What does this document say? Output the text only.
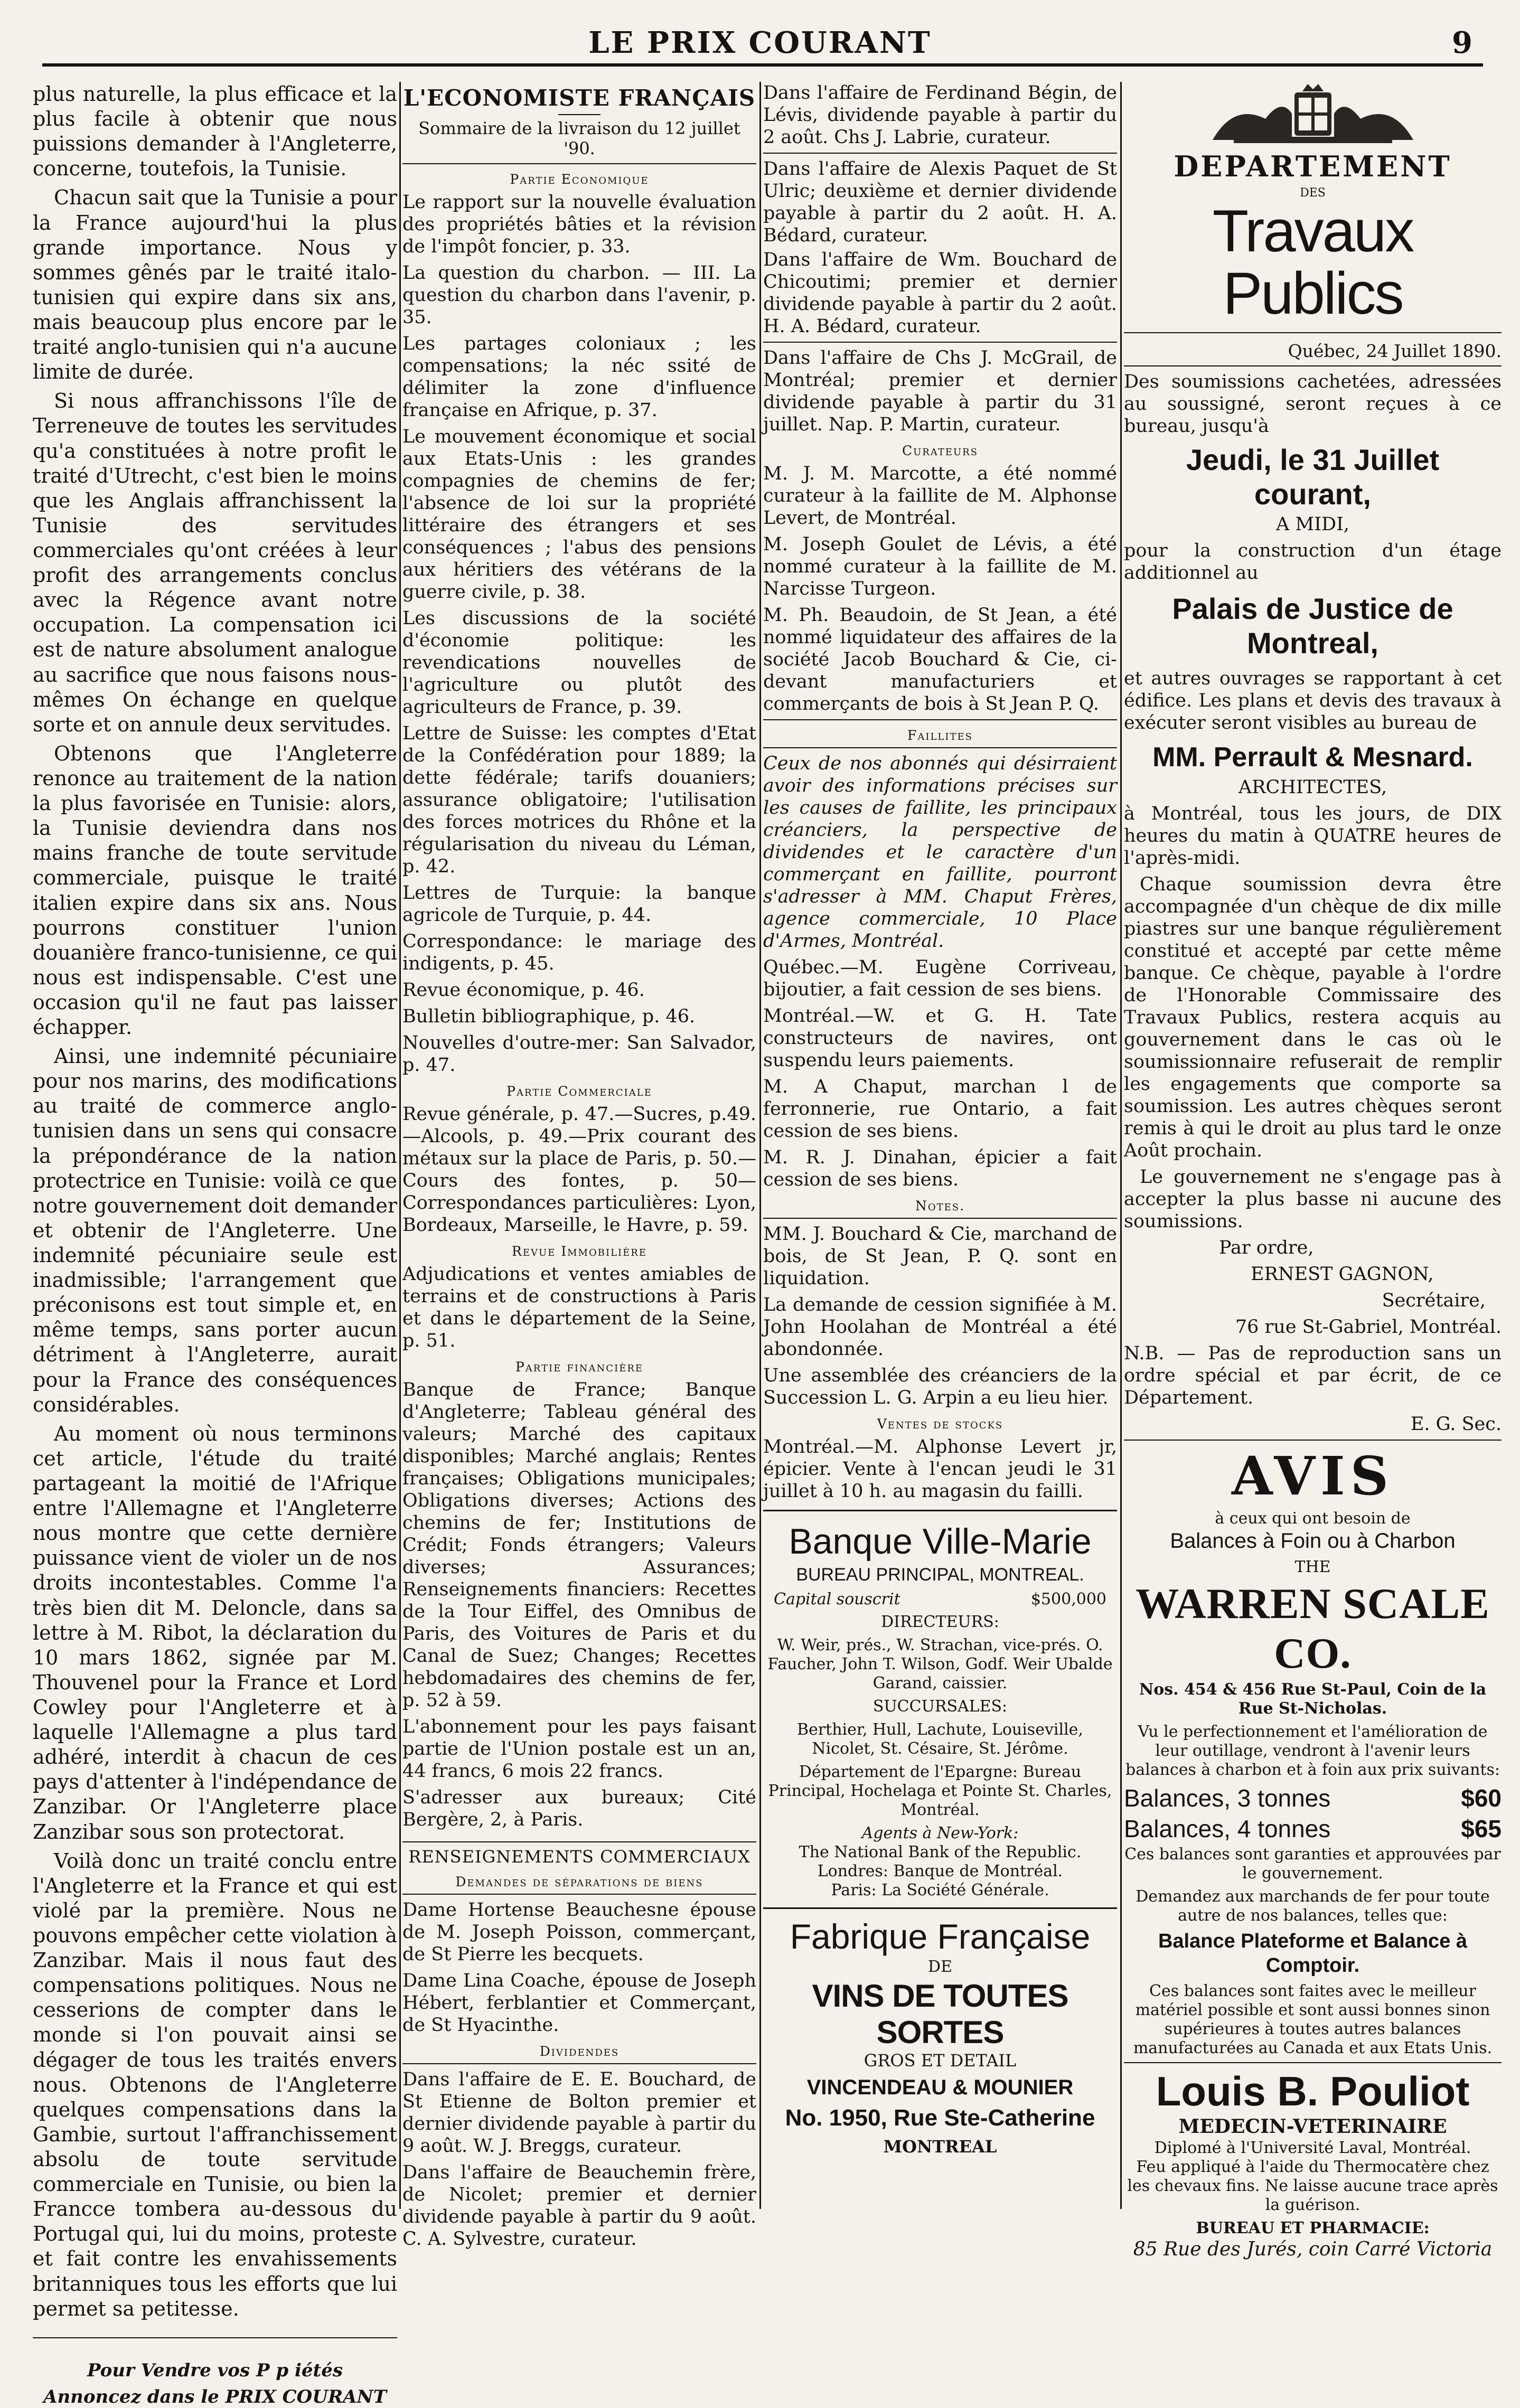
LE PRIX COURANT	9

plus naturelle, la plus efficace et la plus facile à obtenir que nous puissions demander à l'Angleterre, concerne, toutefois, la Tunisie.

Chacun sait que la Tunisie a pour la France aujourd'hui la plus grande importance. Nous y sommes gênés par le traité italo-tunisien qui expire dans six ans, mais beaucoup plus encore par le traité anglo-tunisien qui n'a aucune limite de durée.

Si nous affranchissons l'île de Terreneuve de toutes les servitudes qu'a constituées à notre profit le traité d'Utrecht, c'est bien le moins que les Anglais affranchissent la Tunisie des servitudes commerciales qu'ont créées à leur profit des arrangements conclus avec la Régence avant notre occupation. La compensation ici est de nature absolument analogue au sacrifice que nous faisons nous-mêmes On échange en quelque sorte et on annule deux servitudes.

Obtenons que l'Angleterre renonce au traitement de la nation la plus favorisée en Tunisie: alors, la Tunisie deviendra dans nos mains franche de toute servitude commerciale, puisque le traité italien expire dans six ans. Nous pourrons constituer l'union douanière franco-tunisienne, ce qui nous est indispensable. C'est une occasion qu'il ne faut pas laisser échapper.

Ainsi, une indemnité pécuniaire pour nos marins, des modifications au traité de commerce anglo-tunisien dans un sens qui consacre la prépondérance de la nation protectrice en Tunisie: voilà ce que notre gouvernement doit demander et obtenir de l'Angleterre. Une indemnité pécuniaire seule est inadmissible; l'arrangement que préconisons est tout simple et, en même temps, sans porter aucun détriment à l'Angleterre, aurait pour la France des conséquences considérables.

Au moment où nous terminons cet article, l'étude du traité partageant la moitié de l'Afrique entre l'Allemagne et l'Angleterre nous montre que cette dernière puissance vient de violer un de nos droits incontestables. Comme l'a très bien dit M. Deloncle, dans sa lettre à M. Ribot, la déclaration du 10 mars 1862, signée par M. Thouvenel pour la France et Lord Cowley pour l'Angleterre et à laquelle l'Allemagne a plus tard adhéré, interdit à chacun de ces pays d'attenter à l'indépendance de Zanzibar. Or l'Angleterre place Zanzibar sous son protectorat.

Voilà donc un traité conclu entre l'Angleterre et la France et qui est violé par la première. Nous ne pouvons empêcher cette violation à Zanzibar. Mais il nous faut des compensations politiques. Nous ne cesserions de compter dans le monde si l'on pouvait ainsi se dégager de tous les traités envers nous. Obtenons de l'Angleterre quelques compensations dans la Gambie, surtout l'affranchissement absolu de toute servitude commerciale en Tunisie, ou bien la Francce tombera au-dessous du Portugal qui, lui du moins, proteste et fait contre les envahissements britanniques tous les efforts que lui permet sa petitesse.

Pour Vendre vos P p iétés

Annoncez dans le PRIX COURANT

L'ECONOMISTE FRANÇAIS

Sommaire de la livraison du 12 juillet '90.

Partie Economique

Le rapport sur la nouvelle évaluation des propriétés bâties et la révision de l'impôt foncier, p. 33.

La question du charbon. — III. La question du charbon dans l'avenir, p. 35.

Les partages coloniaux ; les compensations; la néc ssité de délimiter la zone d'influence française en Afrique, p. 37.

Le mouvement économique et social aux Etats-Unis : les grandes compagnies de chemins de fer; l'absence de loi sur la propriété littéraire des étrangers et ses conséquences ; l'abus des pensions aux héritiers des vétérans de la guerre civile, p. 38.

Les discussions de la société d'économie politique: les revendications nouvelles de l'agriculture ou plutôt des agriculteurs de France, p. 39.

Lettre de Suisse: les comptes d'Etat de la Confédération pour 1889; la dette fédérale; tarifs douaniers; assurance obligatoire; l'utilisation des forces motrices du Rhône et la régularisation du niveau du Léman, p. 42.

Lettres de Turquie: la banque agricole de Turquie, p. 44.

Correspondance: le mariage des indigents, p. 45.

Revue économique, p. 46.

Bulletin bibliographique, p. 46.

Nouvelles d'outre-mer: San Salvador, p. 47.

Partie Commerciale

Revue générale, p. 47.—Sucres, p.49.—Alcools, p. 49.—Prix courant des métaux sur la place de Paris, p. 50.—Cours des fontes, p. 50—Correspondances particulières: Lyon, Bordeaux, Marseille, le Havre, p. 59.

Revue Immobilière

Adjudications et ventes amiables de terrains et de constructions à Paris et dans le département de la Seine, p. 51.

Partie financière

Banque de France; Banque d'Angleterre; Tableau général des valeurs; Marché des capitaux disponibles; Marché anglais; Rentes françaises; Obligations municipales; Obligations diverses; Actions des chemins de fer; Institutions de Crédit; Fonds étrangers; Valeurs diverses; Assurances; Renseignements financiers: Recettes de la Tour Eiffel, des Omnibus de Paris, des Voitures de Paris et du Canal de Suez; Changes; Recettes hebdomadaires des chemins de fer, p. 52 à 59.

L'abonnement pour les pays faisant partie de l'Union postale est un an, 44 francs, 6 mois 22 francs.

S'adresser aux bureaux; Cité Bergère, 2, à Paris.

RENSEIGNEMENTS COMMERCIAUX
Demandes de séparations de biens

Dame Hortense Beauchesne épouse de M. Joseph Poisson, commerçant, de St Pierre les becquets.

Dame Lina Coache, épouse de Joseph Hébert, ferblantier et Commerçant, de St Hyacinthe.

Dividendes

Dans l'affaire de E. E. Bouchard, de St Etienne de Bolton premier et dernier dividende payable à partir du 9 août. W. J. Breggs, curateur.

Dans l'affaire de Beauchemin frère, de Nicolet; premier et dernier dividende payable à partir du 9 août. C. A. Sylvestre, curateur.

Dans l'affaire de Ferdinand Bégin, de Lévis, dividende payable à partir du 2 août. Chs J. Labrie, curateur.

Dans l'affaire de Alexis Paquet de St Ulric; deuxième et dernier dividende payable à partir du 2 août. H. A. Bédard, curateur.

Dans l'affaire de Wm. Bouchard de Chicoutimi; premier et dernier dividende payable à partir du 2 août. H. A. Bédard, curateur.

Dans l'affaire de Chs J. McGrail, de Montréal; premier et dernier dividende payable à partir du 31 juillet. Nap. P. Martin, curateur.

Curateurs

M. J. M. Marcotte, a été nommé curateur à la faillite de M. Alphonse Levert, de Montréal.

M. Joseph Goulet de Lévis, a été nommé curateur à la faillite de M. Narcisse Turgeon.

M. Ph. Beaudoin, de St Jean, a été nommé liquidateur des affaires de la société Jacob Bouchard & Cie, ci-devant manufacturiers et commerçants de bois à St Jean P. Q.

Faillites

Ceux de nos abonnés qui désirraient avoir des informations précises sur les causes de faillite, les principaux créanciers, la perspective de dividendes et le caractère d'un commerçant en faillite, pourront s'adresser à MM. Chaput Frères, agence commerciale, 10 Place d'Armes, Montréal.

Québec.—M. Eugène Corriveau, bijoutier, a fait cession de ses biens.

Montréal.—W. et G. H. Tate constructeurs de navires, ont suspendu leurs paiements.

M. A Chaput, marchan l de ferronnerie, rue Ontario, a fait cession de ses biens.

M. R. J. Dinahan, épicier a fait cession de ses biens.

Notes.

MM. J. Bouchard & Cie, marchand de bois, de St Jean, P. Q. sont en liquidation.

La demande de cession signifiée à M. John Hoolahan de Montréal a été abondonnée.

Une assemblée des créanciers de la Succession L. G. Arpin a eu lieu hier.

Ventes de stocks

Montréal.—M. Alphonse Levert jr, épicier. Vente à l'encan jeudi le 31 juillet à 10 h. au magasin du failli.

Banque Ville-Marie

BUREAU PRINCIPAL, MONTREAL.

Capital souscrit	$500,000

DIRECTEURS:

W. Weir, prés., W. Strachan, vice-prés. O. Faucher, John T. Wilson, Godf. Weir Ubalde Garand, caissier.

SUCCURSALES:

Berthier, Hull, Lachute, Louiseville, Nicolet, St. Césaire, St. Jérôme.

Département de l'Epargne: Bureau Principal, Hochelaga et Pointe St. Charles, Montréal.

Agents à New-York:

The National Bank of the Republic.

Londres: Banque de Montréal.

Paris: La Société Générale.

Fabrique Française

DE

VINS DE TOUTES SORTES

GROS ET DETAIL

VINCENDEAU & MOUNIER

No. 1950, Rue Ste-Catherine

MONTREAL

DEPARTEMENT

DES

Travaux Publics

Québec, 24 Juillet 1890.

Des soumissions cachetées, adressées au soussigné, seront reçues à ce bureau, jusqu'à

Jeudi, le 31 Juillet courant,

A MIDI,

pour la construction d'un étage additionnel au

Palais de Justice de Montreal,

et autres ouvrages se rapportant à cet édifice. Les plans et devis des travaux à exécuter seront visibles au bureau de

MM. Perrault & Mesnard.

ARCHITECTES,

à Montréal, tous les jours, de DIX heures du matin à QUATRE heures de l'après-midi.

Chaque soumission devra être accompagnée d'un chèque de dix mille piastres sur une banque régulièrement constitué et accepté par cette même banque. Ce chèque, payable à l'ordre de l'Honorable Commissaire des Travaux Publics, restera acquis au gouvernement dans le cas où le soumissionnaire refuserait de remplir les engagements que comporte sa soumission. Les autres chèques seront remis à qui le droit au plus tard le onze Août prochain.

Le gouvernement ne s'engage pas à accepter la plus basse ni aucune des soumissions.

Par ordre,

ERNEST GAGNON,

Secrétaire,

76 rue St-Gabriel, Montréal.

N.B. — Pas de reproduction sans un ordre spécial et par écrit, de ce Département.

E. G. Sec.

AVIS

à ceux qui ont besoin de

Balances à Foin ou à Charbon

THE

WARREN SCALE CO.

Nos. 454 & 456 Rue St-Paul, Coin de la Rue St-Nicholas.

Vu le perfectionnement et l'amélioration de leur outillage, vendront à l'avenir leurs balances à charbon et à foin aux prix suivants:

Balances, 3 tonnes	$60
Balances, 4 tonnes	$65

Ces balances sont garanties et approuvées par le gouvernement.

Demandez aux marchands de fer pour toute autre de nos balances, telles que:

Balance Plateforme et Balance à Comptoir.

Ces balances sont faites avec le meilleur matériel possible et sont aussi bonnes sinon supérieures à toutes autres balances manufacturées au Canada et aux Etats Unis.

Louis B. Pouliot

MEDECIN-VETERINAIRE

Diplomé à l'Université Laval, Montréal.

Feu appliqué à l'aide du Thermocatère chez les chevaux fins. Ne laisse aucune trace après la guérison.

BUREAU ET PHARMACIE:

85 Rue des Jurés, coin Carré Victoria
